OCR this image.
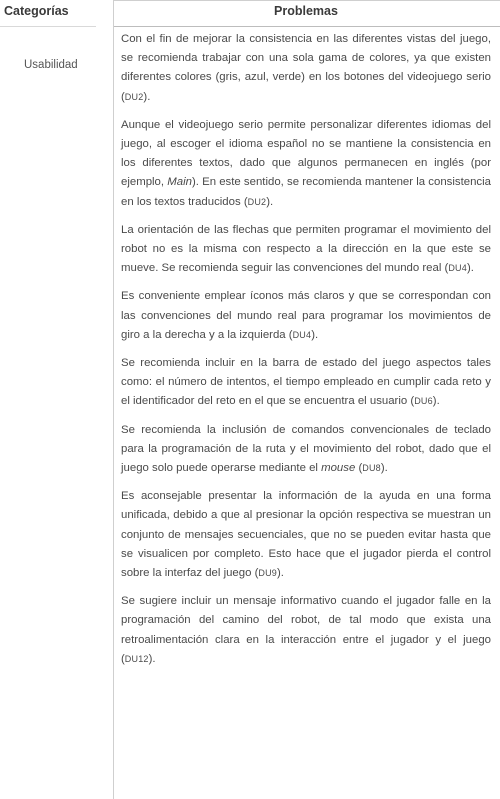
Categorías	Problemas
Usabilidad

Con el fin de mejorar la consistencia en las diferentes vistas del juego, se recomienda trabajar con una sola gama de colores, ya que existen diferentes colores (gris, azul, verde) en los botones del videojuego serio (DU2).

Aunque el videojuego serio permite personalizar diferentes idiomas del juego, al escoger el idioma español no se mantiene la consistencia en los diferentes textos, dado que algunos permanecen en inglés (por ejemplo, Main). En este sentido, se recomienda mantener la consistencia en los textos traducidos (DU2).

La orientación de las flechas que permiten programar el movimiento del robot no es la misma con respecto a la dirección en la que este se mueve. Se recomienda seguir las convenciones del mundo real (DU4).

Es conveniente emplear íconos más claros y que se correspondan con las convenciones del mundo real para programar los movimientos de giro a la derecha y a la izquierda (DU4).

Se recomienda incluir en la barra de estado del juego aspectos tales como: el número de intentos, el tiempo empleado en cumplir cada reto y el identificador del reto en el que se encuentra el usuario (DU6).

Se recomienda la inclusión de comandos convencionales de teclado para la programación de la ruta y el movimiento del robot, dado que el juego solo puede operarse mediante el mouse (DU8).

Es aconsejable presentar la información de la ayuda en una forma unificada, debido a que al presionar la opción respectiva se muestran un conjunto de mensajes secuenciales, que no se pueden evitar hasta que se visualicen por completo. Esto hace que el jugador pierda el control sobre la interfaz del juego (DU9).

Se sugiere incluir un mensaje informativo cuando el jugador falle en la programación del camino del robot, de tal modo que exista una retroalimentación clara en la interacción entre el jugador y el juego (DU12).
